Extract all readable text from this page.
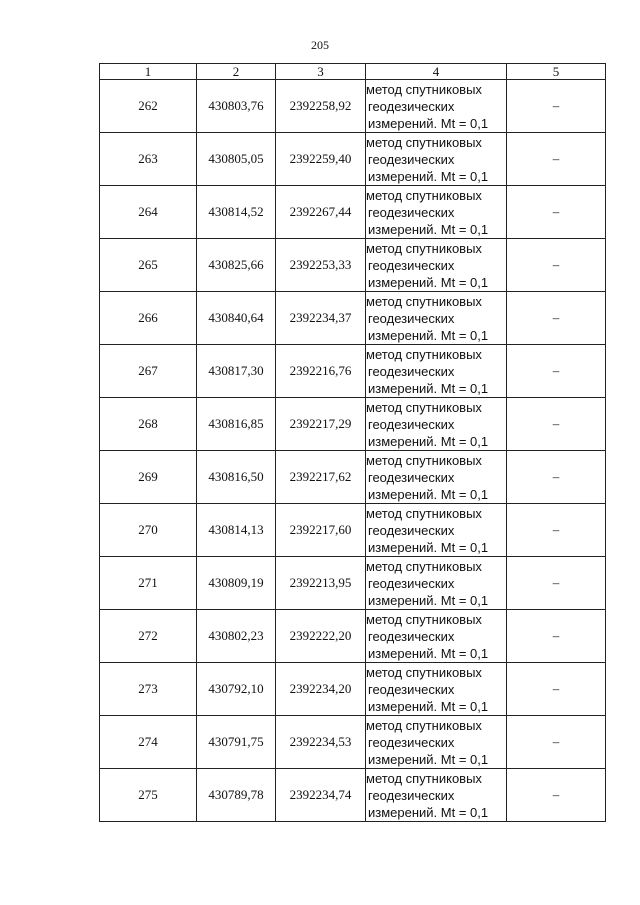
205
1	2	3	4	5
262	430803,76	2392258,92	метод спутниковых
геодезических
измерений. Mt = 0,1	–
263	430805,05	2392259,40	метод спутниковых
геодезических
измерений. Mt = 0,1	–
264	430814,52	2392267,44	метод спутниковых
геодезических
измерений. Mt = 0,1	–
265	430825,66	2392253,33	метод спутниковых
геодезических
измерений. Mt = 0,1	–
266	430840,64	2392234,37	метод спутниковых
геодезических
измерений. Mt = 0,1	–
267	430817,30	2392216,76	метод спутниковых
геодезических
измерений. Mt = 0,1	–
268	430816,85	2392217,29	метод спутниковых
геодезических
измерений. Mt = 0,1	–
269	430816,50	2392217,62	метод спутниковых
геодезических
измерений. Mt = 0,1	–
270	430814,13	2392217,60	метод спутниковых
геодезических
измерений. Mt = 0,1	–
271	430809,19	2392213,95	метод спутниковых
геодезических
измерений. Mt = 0,1	–
272	430802,23	2392222,20	метод спутниковых
геодезических
измерений. Mt = 0,1	–
273	430792,10	2392234,20	метод спутниковых
геодезических
измерений. Mt = 0,1	–
274	430791,75	2392234,53	метод спутниковых
геодезических
измерений. Mt = 0,1	–
275	430789,78	2392234,74	метод спутниковых
геодезических
измерений. Mt = 0,1	–
